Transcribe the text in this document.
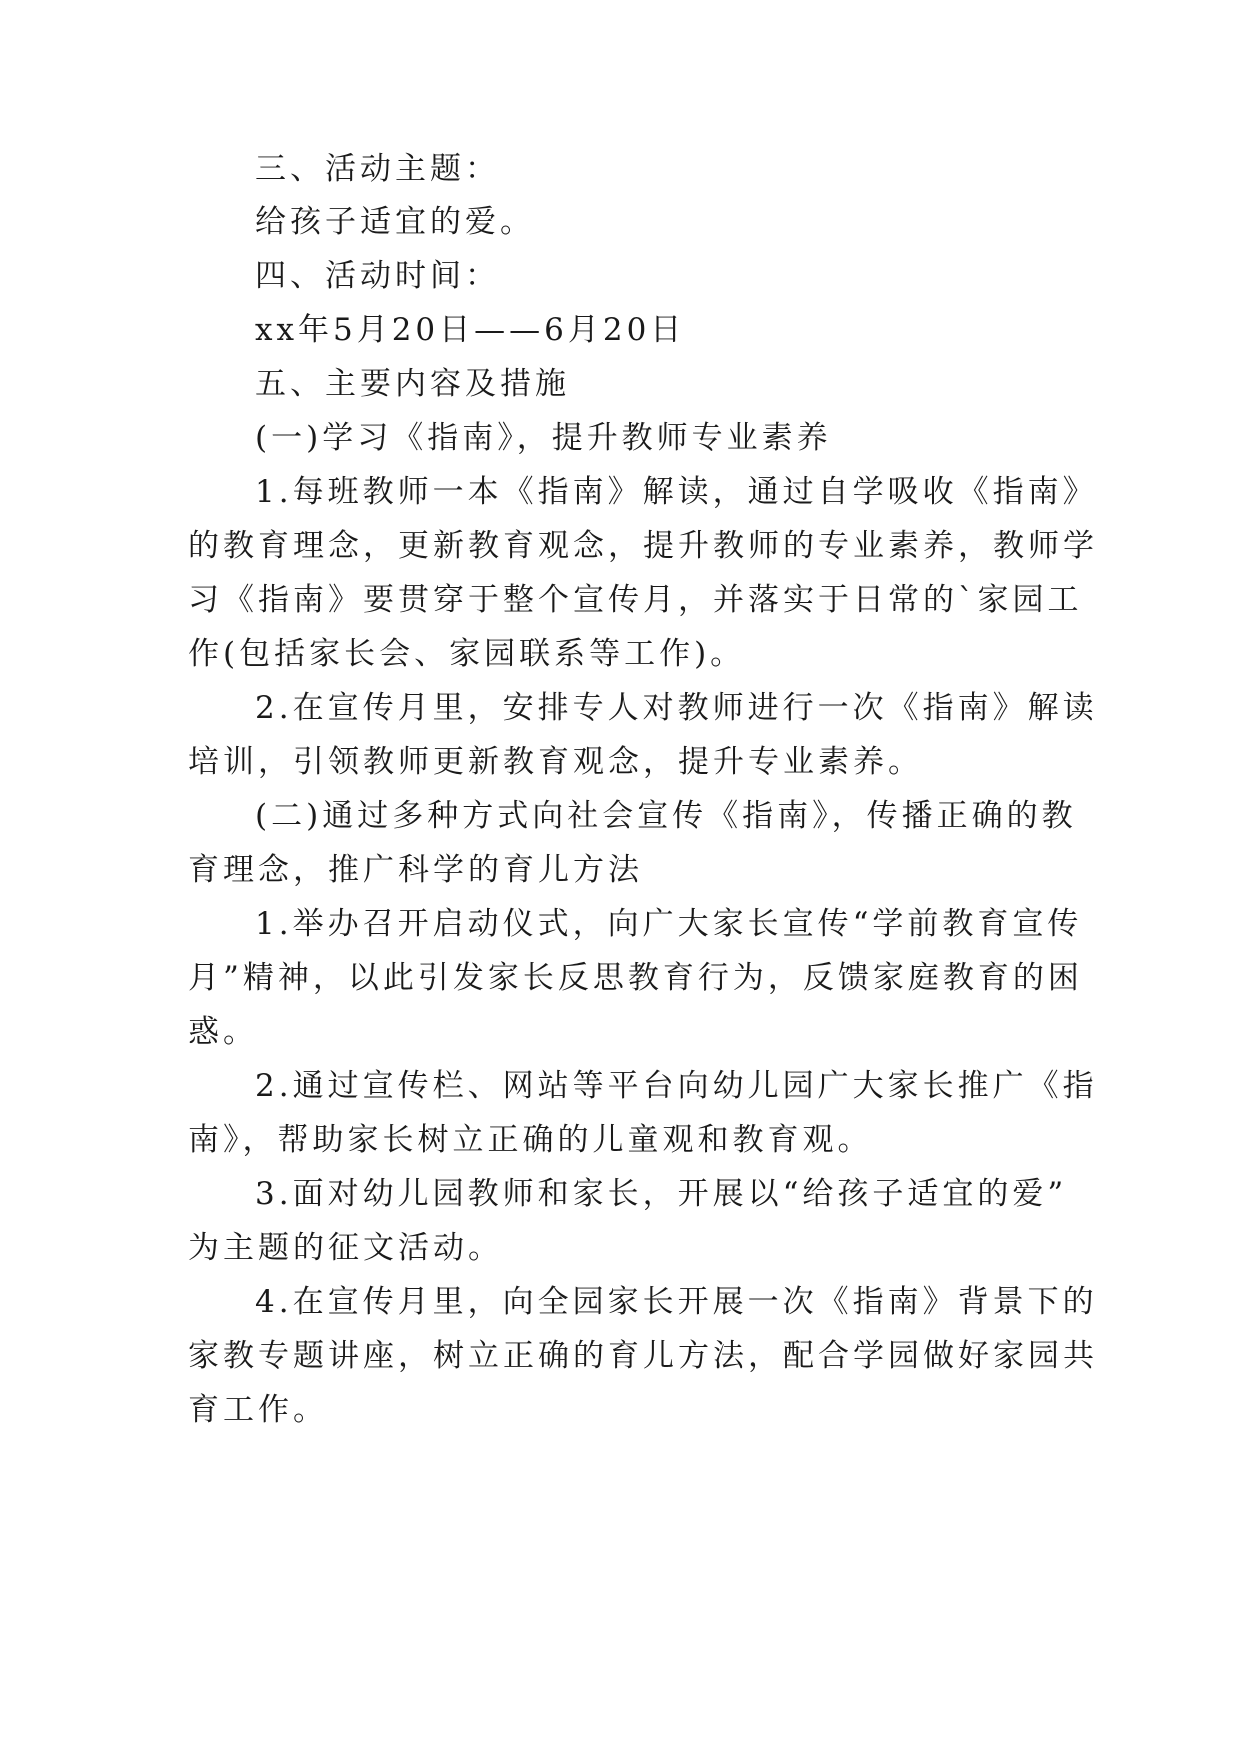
三、活动主题：
给孩子适宜的爱。
四、活动时间：
xx年5月20日——6月20日
五、主要内容及措施
(一)学习《指南》，提升教师专业素养
1.每班教师一本《指南》解读，通过自学吸收《指南》
的教育理念，更新教育观念，提升教师的专业素养，教师学
习《指南》要贯穿于整个宣传月，并落实于日常的`家园工
作(包括家长会、家园联系等工作)。
2.在宣传月里，安排专人对教师进行一次《指南》解读
培训，引领教师更新教育观念，提升专业素养。
(二)通过多种方式向社会宣传《指南》，传播正确的教
育理念，推广科学的育儿方法
1.举办召开启动仪式，向广大家长宣传“学前教育宣传
月”精神，以此引发家长反思教育行为，反馈家庭教育的困
惑。
2.通过宣传栏、网站等平台向幼儿园广大家长推广《指
南》，帮助家长树立正确的儿童观和教育观。
3.面对幼儿园教师和家长，开展以“给孩子适宜的爱”
为主题的征文活动。
4.在宣传月里，向全园家长开展一次《指南》背景下的
家教专题讲座，树立正确的育儿方法，配合学园做好家园共
育工作。
